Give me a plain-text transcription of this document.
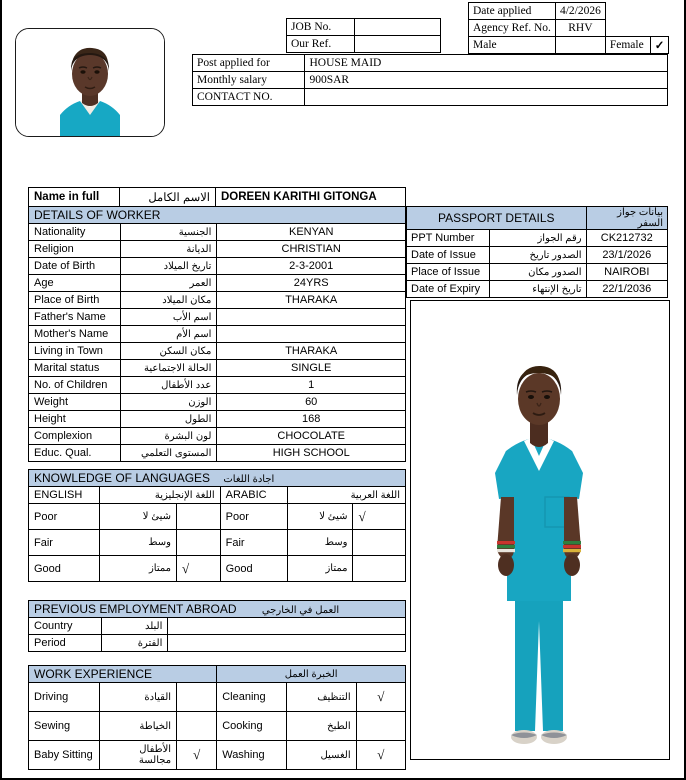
JOB No.	
Our Ref.	
Date applied	4/2/2026		
Agency Ref. No.	RHV		
Male		Female	✓
Post applied for	HOUSE MAID
Monthly salary	900SAR
CONTACT NO.	
Name in full	الاسم الكامل	DOREEN KARITHI GITONGA
DETAILS OF WORKER		
Nationality	الجنسية	KENYAN
Religion	الديانة	CHRISTIAN
Date of Birth	تاريخ الميلاد	2-3-2001
Age	العمر	24YRS
Place of Birth	مكان الميلاد	THARAKA
Father's Name	اسم الأب	
Mother's Name	اسم الأم	
Living in Town	مكان السكن	THARAKA
Marital status	الحالة الاجتماعية	SINGLE
No. of Children	عدد الأطفال	1
Weight	الوزن	60
Height	الطول	168
Complexion	لون البشرة	CHOCOLATE
Educ. Qual.	المستوى التعلمي	HIGH SCHOOL
PASSPORT DETAILS		بيانات جواز السفر
PPT Number	رقم الجواز	CK212732
Date of Issue	الصدور تاريخ	23/1/2026
Place of Issue	الصدور مكان	NAIROBI
Date of Expiry	تاريخ الإنتهاء	22/1/2036
KNOWLEDGE OF LANGUAGES اجادة اللغات					
ENGLISH	اللغة الإنجليزية		ARABIC	اللغة العربية	
Poor	شيئ لا		Poor	شيئ لا	√
Fair	وسط		Fair	وسط	
Good	ممتاز	√	Good	ممتاز	
PREVIOUS EMPLOYMENT ABROAD العمل في الخارجي		
Country	البلد	
Period	الفترة	
WORK EXPERIENCE			الخبرة العمل		
Driving	القيادة		Cleaning	التنظيف	√
Sewing	الخياطة		Cooking	الطبخ	
Baby Sitting	الأطفال مجالسة	√	Washing	الغسيل	√
